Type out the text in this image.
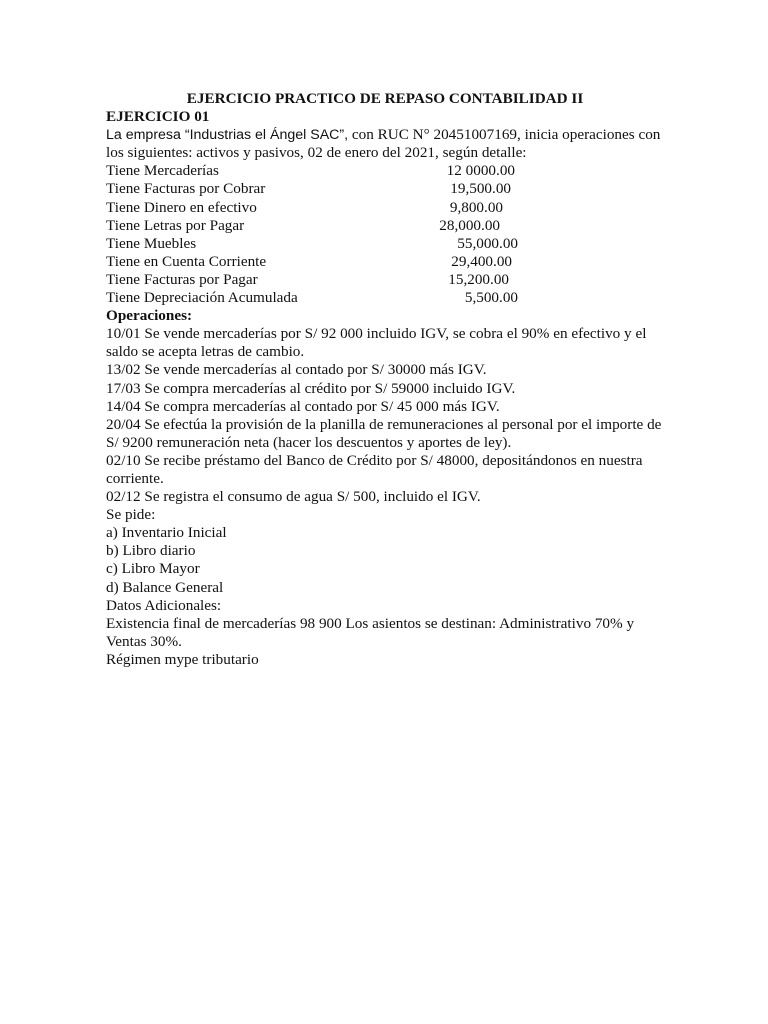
EJERCICIO PRACTICO DE REPASO CONTABILIDAD II
EJERCICIO 01
La empresa “Industrias el Ángel SAC”, con RUC N° 20451007169, inicia operaciones con
los siguientes: activos y pasivos, 02 de enero del 2021, según detalle:
Tiene Mercaderías	12 0000.00
Tiene Facturas por Cobrar	19,500.00
Tiene Dinero en efectivo	9,800.00
Tiene Letras por Pagar	28,000.00
Tiene Muebles	55,000.00
Tiene en Cuenta Corriente	29,400.00
Tiene Facturas por Pagar	15,200.00
Tiene Depreciación Acumulada	5,500.00
Operaciones:
10/01 Se vende mercaderías por S/ 92 000 incluido IGV, se cobra el 90% en efectivo y el
saldo se acepta letras de cambio.
13/02 Se vende mercaderías al contado por S/ 30000 más IGV.
17/03 Se compra mercaderías al crédito por S/ 59000 incluido IGV.
14/04 Se compra mercaderías al contado por S/ 45 000 más IGV.
20/04 Se efectúa la provisión de la planilla de remuneraciones al personal por el importe de
S/ 9200 remuneración neta (hacer los descuentos y aportes de ley).
02/10 Se recibe préstamo del Banco de Crédito por S/ 48000, depositándonos en nuestra
corriente.
02/12 Se registra el consumo de agua S/ 500, incluido el IGV.
Se pide:
a) Inventario Inicial
b) Libro diario
c) Libro Mayor
d) Balance General
Datos Adicionales:
Existencia final de mercaderías 98 900 Los asientos se destinan: Administrativo 70% y
Ventas 30%.
Régimen mype tributario
